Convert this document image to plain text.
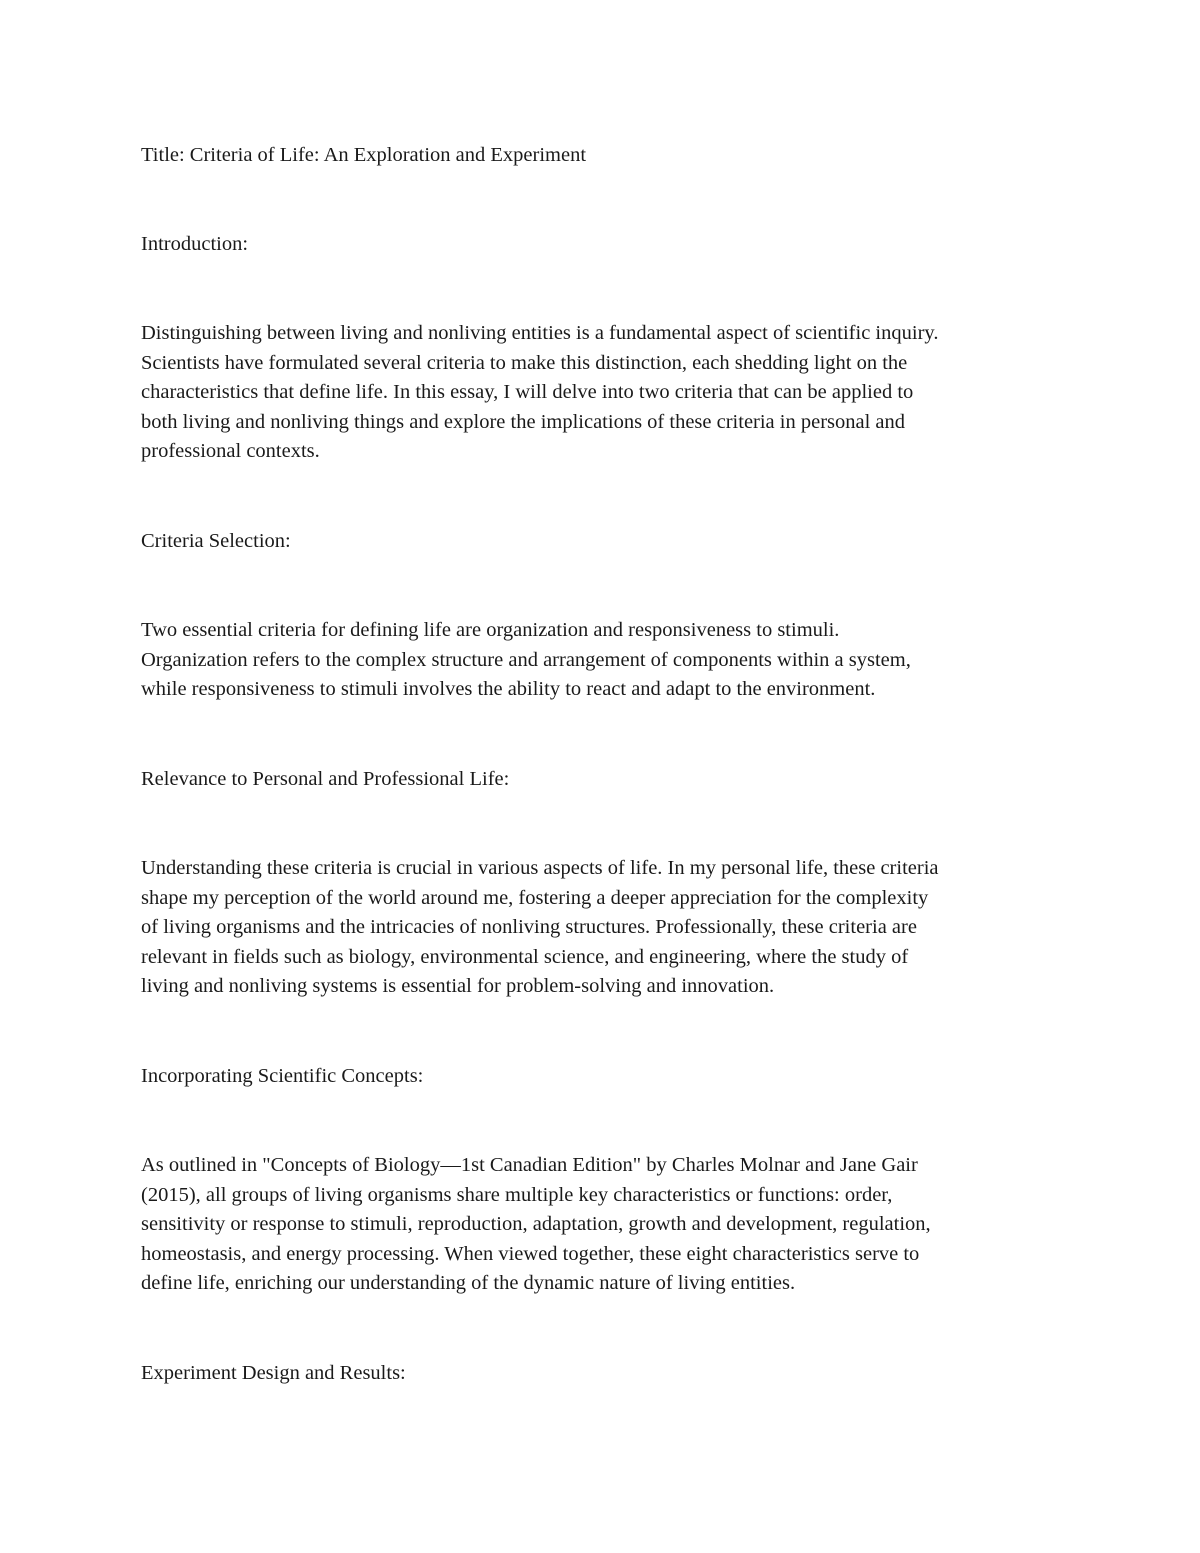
Title: Criteria of Life: An Exploration and Experiment

Introduction:

Distinguishing between living and nonliving entities is a fundamental aspect of scientific inquiry.
Scientists have formulated several criteria to make this distinction, each shedding light on the
characteristics that define life. In this essay, I will delve into two criteria that can be applied to
both living and nonliving things and explore the implications of these criteria in personal and
professional contexts.

Criteria Selection:

Two essential criteria for defining life are organization and responsiveness to stimuli.
Organization refers to the complex structure and arrangement of components within a system,
while responsiveness to stimuli involves the ability to react and adapt to the environment.

Relevance to Personal and Professional Life:

Understanding these criteria is crucial in various aspects of life. In my personal life, these criteria
shape my perception of the world around me, fostering a deeper appreciation for the complexity
of living organisms and the intricacies of nonliving structures. Professionally, these criteria are
relevant in fields such as biology, environmental science, and engineering, where the study of
living and nonliving systems is essential for problem-solving and innovation.

Incorporating Scientific Concepts:

As outlined in "Concepts of Biology—1st Canadian Edition" by Charles Molnar and Jane Gair
(2015), all groups of living organisms share multiple key characteristics or functions: order,
sensitivity or response to stimuli, reproduction, adaptation, growth and development, regulation,
homeostasis, and energy processing. When viewed together, these eight characteristics serve to
define life, enriching our understanding of the dynamic nature of living entities.

Experiment Design and Results:
